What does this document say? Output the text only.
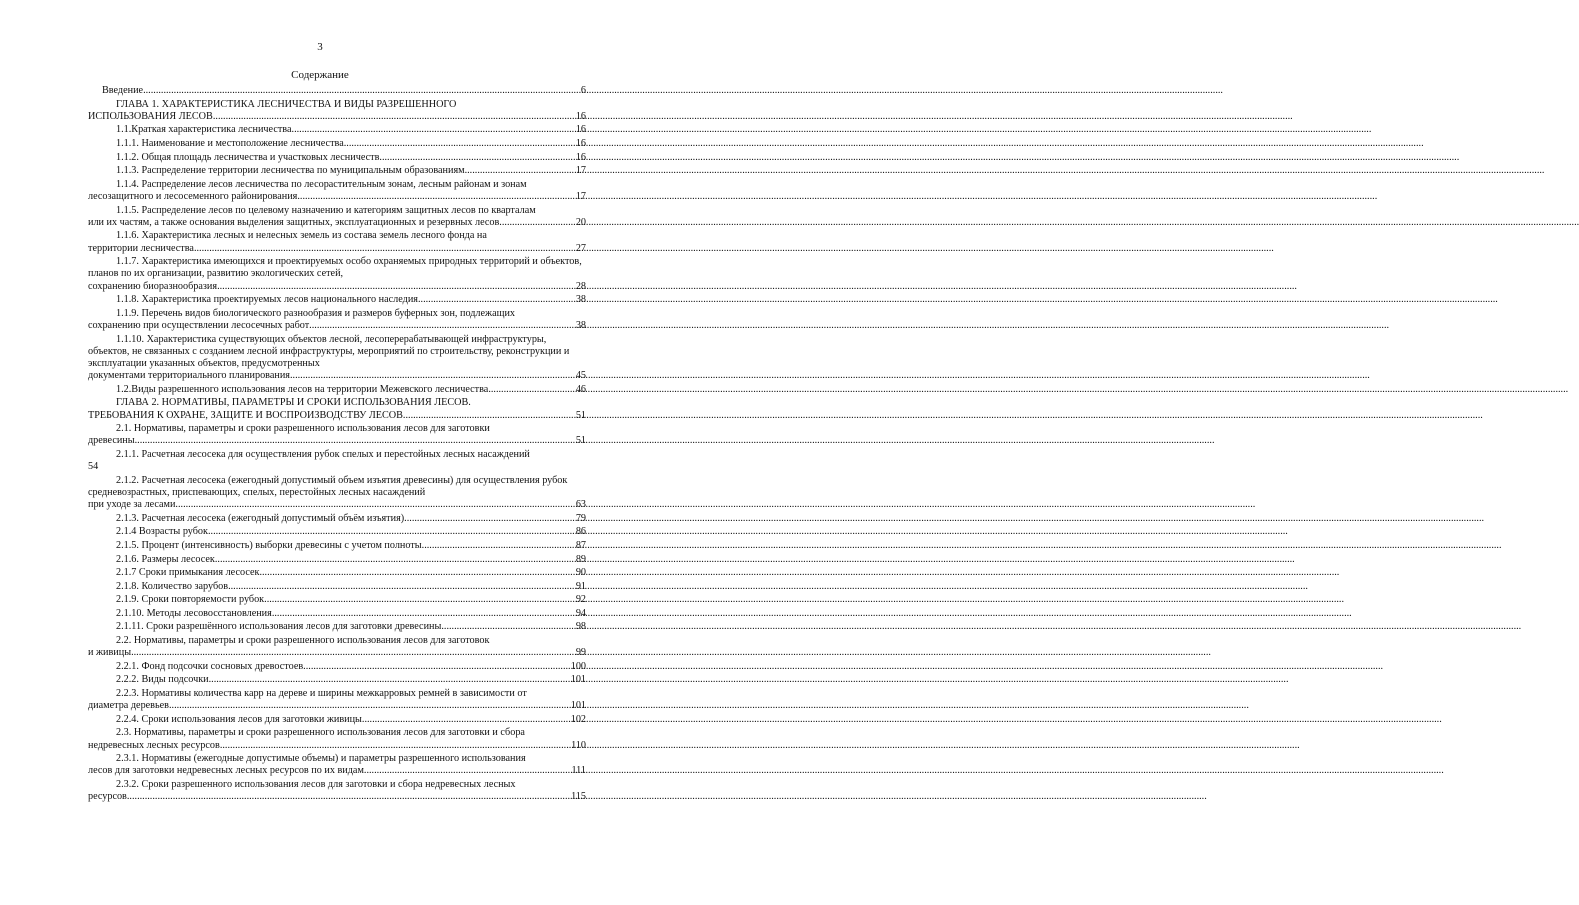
3
Содержание
Введение .....	6
ГЛАВА 1. ХАРАКТЕРИСТИКА ЛЕСНИЧЕСТВА И ВИДЫ РАЗРЕШЕННОГО
ИСПОЛЬЗОВАНИЯ ЛЕСОВ .....	16
1.1.Краткая характеристика лесничества .....	16
1.1.1. Наименование и местоположение лесничества .....	16
1.1.2. Общая площадь лесничества и участковых лесничеств .....	16
1.1.3. Распределение территории лесничества по муниципальным образованиям .....	17
1.1.4. Распределение лесов лесничества по лесорастительным зонам, лесным районам и зонам
лесозащитного и лесосеменного районирования .....	17
1.1.5. Распределение лесов по целевому назначению и категориям защитных лесов по кварталам
или их частям, а также основания выделения защитных, эксплуатационных и резервных лесов .....	20
1.1.6. Характеристика лесных и нелесных земель из состава земель лесного фонда на
территории лесничества .....	27
1.1.7. Характеристика имеющихся и проектируемых особо охраняемых природных территорий и объектов, планов по их организации, развитию экологических сетей,
сохранению биоразнообразия .....	28
1.1.8. Характеристика проектируемых лесов национального наследия .....	38
1.1.9. Перечень видов биологического разнообразия и размеров буферных зон, подлежащих
сохранению при осуществлении лесосечных работ .....	38
1.1.10. Характеристика существующих объектов лесной, лесоперерабатывающей инфраструктуры, объектов, не связанных с созданием лесной инфраструктуры, мероприятий по строительству, реконструкции и эксплуатации указанных объектов, предусмотренных
документами территориального планирования .....	45
1.2.Виды разрешенного использования лесов на территории Межевского лесничества .....	46
ГЛАВА 2. НОРМАТИВЫ, ПАРАМЕТРЫ И СРОКИ ИСПОЛЬЗОВАНИЯ ЛЕСОВ.
ТРЕБОВАНИЯ К ОХРАНЕ, ЗАЩИТЕ И ВОСПРОИЗВОДСТВУ ЛЕСОВ .....	51
2.1. Нормативы, параметры и сроки разрешенного использования лесов для заготовки
древесины .....	51
2.1.1. Расчетная лесосека для осуществления рубок спелых и перестойных лесных насаждений
54
2.1.2. Расчетная лесосека (ежегодный допустимый объем изъятия древесины) для осуществления рубок средневозрастных, приспевающих, спелых, перестойных лесных насаждений
при уходе за лесами .....	63
2.1.3. Расчетная лесосека (ежегодный допустимый объём изъятия) .....	79
2.1.4 Возрасты рубок .....	86
2.1.5. Процент (интенсивность) выборки древесины с учетом полноты .....	87
2.1.6. Размеры лесосек .....	89
2.1.7 Сроки примыкания лесосек .....	90
2.1.8. Количество зарубов .....	91
2.1.9. Сроки повторяемости рубок .....	92
2.1.10. Методы лесовосстановления .....	94
2.1.11. Сроки разрешённого использования лесов для заготовки древесины .....	98
2.2. Нормативы, параметры и сроки разрешенного использования лесов для заготовок
и живицы .....	99
2.2.1. Фонд подсочки сосновых древостоев .....	100
2.2.2. Виды подсочки .....	101
2.2.3. Нормативы количества карр на дереве и ширины межкарровых ремней в зависимости от
диаметра деревьев .....	101
2.2.4. Сроки использования лесов для заготовки живицы .....	102
2.3. Нормативы, параметры и сроки разрешенного использования лесов для заготовки и сбора
недревесных лесных ресурсов .....	110
2.3.1. Нормативы (ежегодные допустимые объемы) и параметры разрешенного использования
лесов для заготовки недревесных лесных ресурсов по их видам .....	111
2.3.2. Сроки разрешенного использования лесов для заготовки и сбора недревесных лесных
ресурсов .....	115
